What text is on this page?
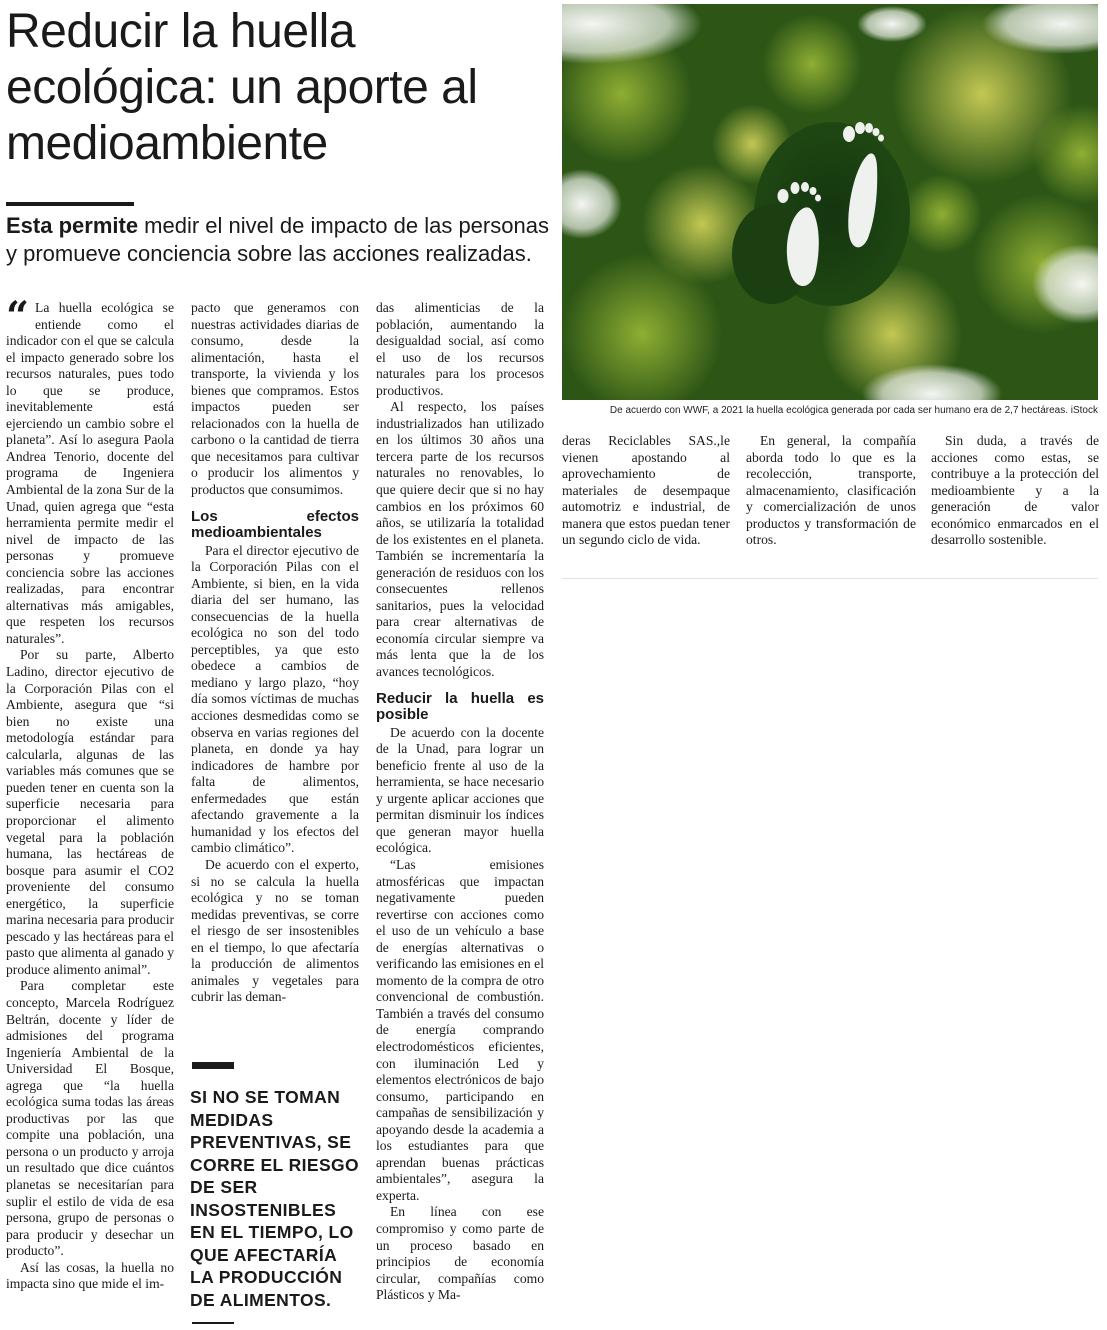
Reducir la huella ecológica: un aporte al medioambiente

Esta permite medir el nivel de impacto de las personas y promueve conciencia sobre las acciones realizadas.

“ La huella ecológica se entiende como el indicador con el que se calcula el impacto generado sobre los recursos naturales, pues todo lo que se produce, inevitablemente está ejerciendo un cambio sobre el planeta”. Así lo asegura Paola Andrea Tenorio, docente del programa de Ingeniera Ambiental de la zona Sur de la Unad, quien agrega que “esta herramienta permite medir el nivel de impacto de las personas y promueve conciencia sobre las acciones realizadas, para encontrar alternativas más amigables, que respeten los recursos naturales”.

Por su parte, Alberto Ladino, director ejecutivo de la Corporación Pilas con el Ambiente, asegura que “si bien no existe una metodología estándar para calcularla, algunas de las variables más comunes que se pueden tener en cuenta son la superficie necesaria para proporcionar el alimento vegetal para la población humana, las hectáreas de bosque para asumir el CO2 proveniente del consumo energético, la superficie marina necesaria para producir pescado y las hectáreas para el pasto que alimenta al ganado y produce alimento animal”.

Para completar este concepto, Marcela Rodríguez Beltrán, docente y líder de admisiones del programa Ingeniería Ambiental de la Universidad El Bosque, agrega que “la huella ecológica suma todas las áreas productivas por las que compite una población, una persona o un producto y arroja un resultado que dice cuántos planetas se necesitarían para suplir el estilo de vida de esa persona, grupo de personas o para producir y desechar un producto”.

Así las cosas, la huella no impacta sino que mide el im-

pacto que generamos con nuestras actividades diarias de consumo, desde la alimentación, hasta el transporte, la vivienda y los bienes que compramos. Estos impactos pueden ser relacionados con la huella de carbono o la cantidad de tierra que necesitamos para cultivar o producir los alimentos y productos que consumimos.

Los efectos medioambientales

Para el director ejecutivo de la Corporación Pilas con el Ambiente, si bien, en la vida diaria del ser humano, las consecuencias de la huella ecológica no son del todo perceptibles, ya que esto obedece a cambios de mediano y largo plazo, “hoy día somos víctimas de muchas acciones desmedidas como se observa en varias regiones del planeta, en donde ya hay indicadores de hambre por falta de alimentos, enfermedades que están afectando gravemente a la humanidad y los efectos del cambio climático”.

De acuerdo con el experto, si no se calcula la huella ecológica y no se toman medidas preventivas, se corre el riesgo de ser insostenibles en el tiempo, lo que afectaría la producción de alimentos animales y vegetales para cubrir las deman-

das alimenticias de la población, aumentando la desigualdad social, así como el uso de los recursos naturales para los procesos productivos.

Al respecto, los países industrializados han utilizado en los últimos 30 años una tercera parte de los recursos naturales no renovables, lo que quiere decir que si no hay cambios en los próximos 60 años, se utilizaría la totalidad de los existentes en el planeta. También se incrementaría la generación de residuos con los consecuentes rellenos sanitarios, pues la velocidad para crear alternativas de economía circular siempre va más lenta que la de los avances tecnológicos.

Reducir la huella es posible

De acuerdo con la docente de la Unad, para lograr un beneficio frente al uso de la herramienta, se hace necesario y urgente aplicar acciones que permitan disminuir los índices que generan mayor huella ecológica.

“Las emisiones atmosféricas que impactan negativamente pueden revertirse con acciones como el uso de un vehículo a base de energías alternativas o verificando las emisiones en el momento de la compra de otro convencional de combustión. También a través del consumo de energía comprando electrodomésticos eficientes, con iluminación Led y elementos electrónicos de bajo consumo, participando en campañas de sensibilización y apoyando desde la academia a los estudiantes para que aprendan buenas prácticas ambientales”, asegura la experta.

En línea con ese compromiso y como parte de un proceso basado en principios de economía circular, compañías como Plásticos y Ma-

De acuerdo con WWF, a 2021 la huella ecológica generada por cada ser humano era de 2,7 hectáreas. iStock

deras Reciclables SAS.,le vienen apostando al aprovechamiento de materiales de desempaque automotriz e industrial, de manera que estos puedan tener un segundo ciclo de vida.

En general, la compañía aborda todo lo que es la recolección, transporte, almacenamiento, clasificación y comercialización de unos productos y transformación de otros.

Sin duda, a través de acciones como estas, se contribuye a la protección del medioambiente y a la generación de valor económico enmarcados en el desarrollo sostenible.

SI NO SE TOMAN MEDIDAS PREVENTIVAS, SE CORRE EL RIESGO DE SER INSOSTENIBLES EN EL TIEMPO, LO QUE AFECTARÍA LA PRODUCCIÓN DE ALIMENTOS.
